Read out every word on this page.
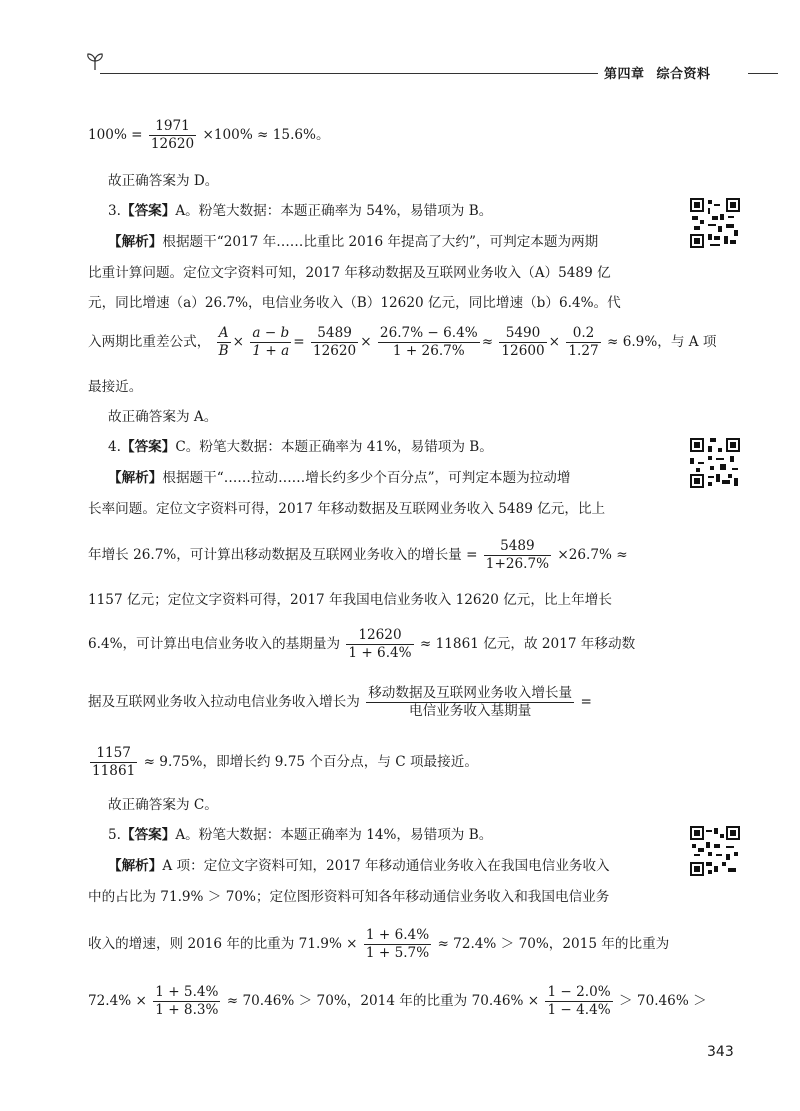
第四章 综合资料
$100\% = \frac{1971}{12620} \times 100\% \approx 15.6\%$。
故正确答案为 D。
3.【答案】A。粉笔大数据：本题正确率为 54%，易错项为 B。
【解析】根据题干“2017 年……比重比 2016 年提高了大约”，可判定本题为两期
比重计算问题。定位文字资料可知，2017 年移动数据及互联网业务收入（A）5489 亿
元，同比增速（a）26.7%，电信业务收入（B）12620 亿元，同比增速（b）6.4%。代
入两期比重差公式， $\frac{A}{B} \times \frac{a - b}{1 + a} = \frac{5489}{12620} \times \frac{26.7\% - 6.4\%}{1 + 26.7\%} \approx \frac{5490}{12600} \times \frac{0.2}{1.27} \approx 6.9\%$，与 A 项
最接近。
故正确答案为 A。
4.【答案】C。粉笔大数据：本题正确率为 41%，易错项为 B。
【解析】根据题干“……拉动……增长约多少个百分点”，可判定本题为拉动增
长率问题。定位文字资料可得，2017 年移动数据及互联网业务收入 5489 亿元，比上
年增长 26.7%，可计算出移动数据及互联网业务收入的增长量 = $\frac{5489}{1+26.7\%} \times 26.7\%$ ≈
1157 亿元；定位文字资料可得，2017 年我国电信业务收入 12620 亿元，比上年增长
6.4%，可计算出电信业务收入的基期量为 $\frac{12620}{1 + 6.4\%} \approx 11861$ 亿元，故 2017 年移动数
据及互联网业务收入拉动电信业务收入增长为 $\frac{\text{移动数据及互联网业务收入增长量}}{\text{电信业务收入基期量}}$ =
$\frac{1157}{11861} \approx 9.75\%$，即增长约 9.75 个百分点，与 C 项最接近。
故正确答案为 C。
5.【答案】A。粉笔大数据：本题正确率为 14%，易错项为 B。
【解析】A 项：定位文字资料可知，2017 年移动通信业务收入在我国电信业务收入
中的占比为 71.9% ＞ 70%；定位图形资料可知各年移动通信业务收入和我国电信业务
收入的增速，则 2016 年的比重为 $71.9\% \times \frac{1 + 6.4\%}{1 + 5.7\%} \approx 72.4\% > 70\%$，2015 年的比重为
$72.4\% \times \frac{1 + 5.4\%}{1 + 8.3\%} \approx 70.46\% > 70\%$，2014 年的比重为 $70.46\% \times \frac{1 - 2.0\%}{1 - 4.4\%} > 70.46\%$ ＞
343
